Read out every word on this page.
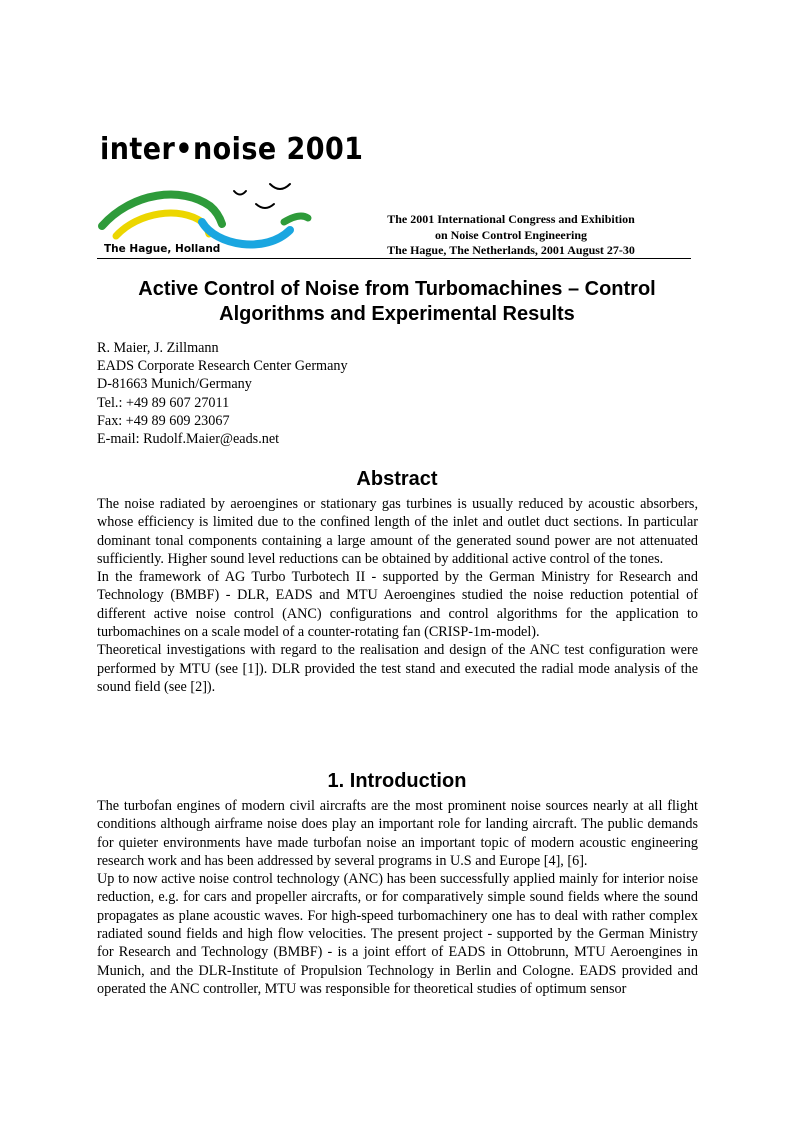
inter•noise 2001
The Hague, Holland
The 2001 International Congress and Exhibition
on Noise Control Engineering
The Hague, The Netherlands, 2001 August 27-30
Active Control of Noise from Turbomachines – Control
Algorithms and Experimental Results
R. Maier, J. Zillmann
EADS Corporate Research Center Germany
D-81663 Munich/Germany
Tel.: +49 89 607 27011
Fax: +49 89 609 23067
E-mail: Rudolf.Maier@eads.net
Abstract

The noise radiated by aeroengines or stationary gas turbines is usually reduced by acoustic absorbers, whose efficiency is limited due to the confined length of the inlet and outlet duct sections. In particular dominant tonal components containing a large amount of the generated sound power are not attenuated sufficiently. Higher sound level reductions can be obtained by additional active control of the tones.

In the framework of AG Turbo Turbotech II - supported by the German Ministry for Research and Technology (BMBF) - DLR, EADS and MTU Aeroengines studied the noise reduction potential of different active noise control (ANC) configurations and control algorithms for the application to turbomachines on a scale model of a counter-rotating fan (CRISP-1m-model).

Theoretical investigations with regard to the realisation and design of the ANC test configuration were performed by MTU (see [1]). DLR provided the test stand and executed the radial mode analysis of the sound field (see [2]).

1. Introduction

The turbofan engines of modern civil aircrafts are the most prominent noise sources nearly at all flight conditions although airframe noise does play an important role for landing aircraft. The public demands for quieter environments have made turbofan noise an important topic of modern acoustic engineering research work and has been addressed by several programs in U.S and Europe [4], [6].

Up to now active noise control technology (ANC) has been successfully applied mainly for interior noise reduction, e.g. for cars and propeller aircrafts, or for comparatively simple sound fields where the sound propagates as plane acoustic waves. For high-speed turbomachinery one has to deal with rather complex radiated sound fields and high flow velocities. The present project - supported by the German Ministry for Research and Technology (BMBF) - is a joint effort of EADS in Ottobrunn, MTU Aeroengines in Munich, and the DLR-Institute of Propulsion Technology in Berlin and Cologne. EADS provided and operated the ANC controller, MTU was responsible for theoretical studies of optimum sensor
